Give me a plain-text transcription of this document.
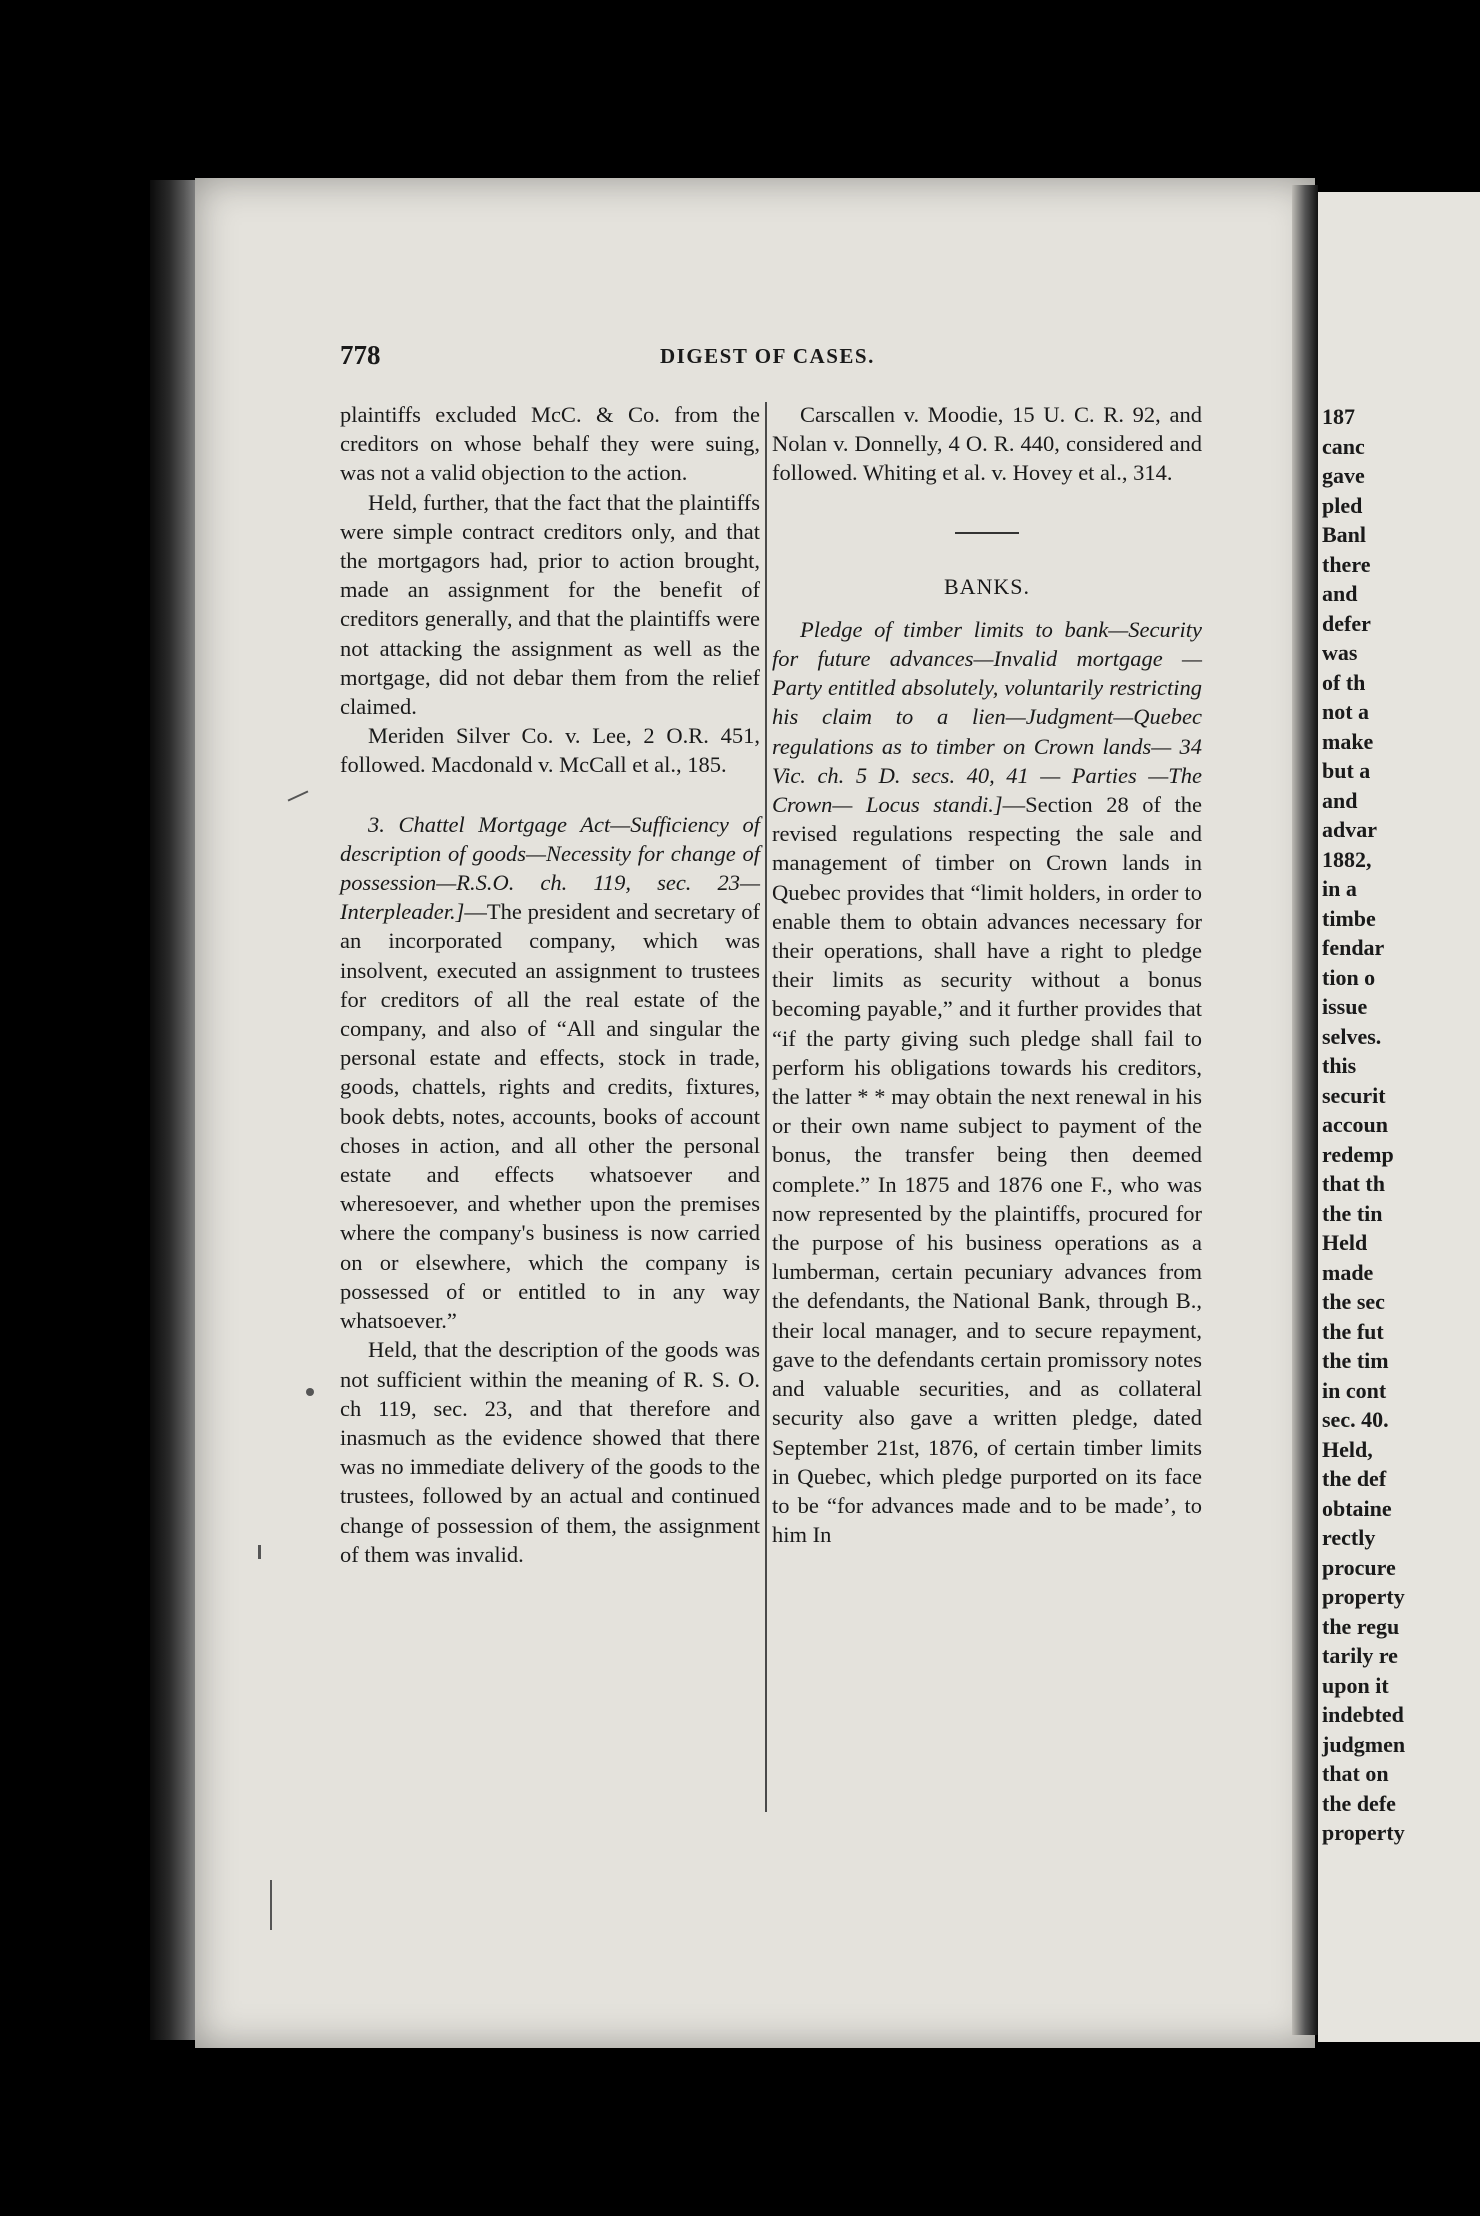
187
canc
gave
pled
Banl
there
and
defer
was
of th
not a
make
but a
and
advar
1882,
in a
timbe
fendar
tion o
issue
selves.
this
securit
accoun
redemp
that th
the tin
Held
made
the sec
the fut
the tim
in cont
sec. 40.
Held,
the def
obtaine
rectly
procure
property
the regu
tarily re
upon it
indebted
judgmen
that on
the defe
property
778	DIGEST OF CASES.

plaintiffs excluded McC. & Co. from the creditors on whose behalf they were suing, was not a valid objection to the action.

Held, further, that the fact that the plaintiffs were simple contract creditors only, and that the mortgagors had, prior to action brought, made an assignment for the benefit of creditors generally, and that the plaintiffs were not attacking the assignment as well as the mortgage, did not debar them from the relief claimed.

Meriden Silver Co. v. Lee, 2 O.R. 451, followed. Macdonald v. McCall et al., 185.

3. Chattel Mortgage Act—Sufficiency of description of goods—Necessity for change of possession—R.S.O. ch. 119, sec. 23—Interpleader.]—The president and secretary of an incorporated company, which was insolvent, executed an assignment to trustees for creditors of all the real estate of the company, and also of “All and singular the personal estate and effects, stock in trade, goods, chattels, rights and credits, fixtures, book debts, notes, accounts, books of account choses in action, and all other the personal estate and effects whatsoever and wheresoever, and whether upon the premises where the company's business is now carried on or elsewhere, which the company is possessed of or entitled to in any way whatsoever.”

Held, that the description of the goods was not sufficient within the meaning of R. S. O. ch 119, sec. 23, and that therefore and inasmuch as the evidence showed that there was no immediate delivery of the goods to the trustees, followed by an actual and continued change of possession of them, the assignment of them was invalid.

Carscallen v. Moodie, 15 U. C. R. 92, and Nolan v. Donnelly, 4 O. R. 440, considered and followed. Whiting et al. v. Hovey et al., 314.

BANKS.

Pledge of timber limits to bank—Security for future advances—Invalid mortgage — Party entitled absolutely, voluntarily restricting his claim to a lien—Judgment—Quebec regulations as to timber on Crown lands— 34 Vic. ch. 5 D. secs. 40, 41 — Parties —The Crown— Locus standi.]—Section 28 of the revised regulations respecting the sale and management of timber on Crown lands in Quebec provides that “limit holders, in order to enable them to obtain advances necessary for their operations, shall have a right to pledge their limits as security without a bonus becoming payable,” and it further provides that “if the party giving such pledge shall fail to perform his obligations towards his creditors, the latter * * may obtain the next renewal in his or their own name subject to payment of the bonus, the transfer being then deemed complete.” In 1875 and 1876 one F., who was now represented by the plaintiffs, procured for the purpose of his business operations as a lumberman, certain pecuniary advances from the defendants, the National Bank, through B., their local manager, and to secure repayment, gave to the defendants certain promissory notes and valuable securities, and as collateral security also gave a written pledge, dated September 21st, 1876, of certain timber limits in Quebec, which pledge purported on its face to be “for advances made and to be made’, to him In
